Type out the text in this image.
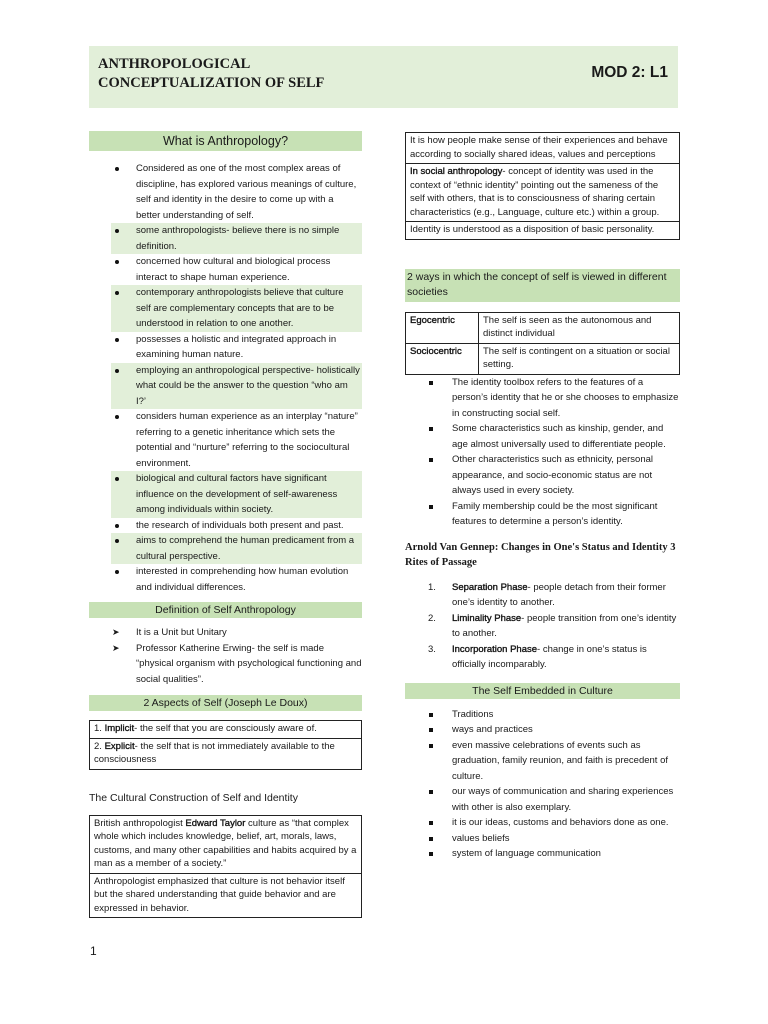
ANTHROPOLOGICAL CONCEPTUALIZATION OF SELF
MOD 2: L1
What is Anthropology?
Considered as one of the most complex areas of discipline, has explored various meanings of culture, self and identity in the desire to come up with a better understanding of self.
some anthropologists- believe there is no simple definition.
concerned how cultural and biological process interact to shape human experience.
contemporary anthropologists believe that culture self are complementary concepts that are to be understood in relation to one another.
possesses a holistic and integrated approach in examining human nature.
employing an anthropological perspective- holistically what could be the answer to the question “who am I?’
considers human experience as an interplay “nature” referring to a genetic inheritance which sets the potential and “nurture” referring to the sociocultural environment.
biological and cultural factors have significant influence on the development of self-awareness among individuals within society.
the research of individuals both present and past.
aims to comprehend the human predicament from a cultural perspective.
interested in comprehending how human evolution and individual differences.
Definition of Self Anthropology
➤ It is a Unit but Unitary
➤ Professor Katherine Erwing- the self is made “physical organism with psychological functioning and social qualities”.
2 Aspects of Self (Joseph Le Doux)
1. Implicit- the self that you are consciously aware of.
2. Explicit- the self that is not immediately available to the consciousness
The Cultural Construction of Self and Identity
British anthropologist Edward Taylor culture as “that complex whole which includes knowledge, belief, art, morals, laws, customs, and many other capabilities and habits acquired by a man as a member of a society.”
Anthropologist emphasized that culture is not behavior itself but the shared understanding that guide behavior and are expressed in behavior.
It is how people make sense of their experiences and behave according to socially shared ideas, values and perceptions
In social anthropology- concept of identity was used in the context of “ethnic identity” pointing out the sameness of the self with others, that is to consciousness of sharing certain characteristics (e.g., Language, culture etc.) within a group.
Identity is understood as a disposition of basic personality.
2 ways in which the concept of self is viewed in different societies
Egocentric	The self is seen as the autonomous and distinct individual
Sociocentric	The self is contingent on a situation or social setting.
The identity toolbox refers to the features of a person’s identity that he or she chooses to emphasize in constructing social self.
Some characteristics such as kinship, gender, and age almost universally used to differentiate people.
Other characteristics such as ethnicity, personal appearance, and socio-economic status are not always used in every society.
Family membership could be the most significant features to determine a person’s identity.
Arnold Van Gennep: Changes in One's Status and Identity 3 Rites of Passage
1. Separation Phase- people detach from their former one’s identity to another.
2. Liminality Phase- people transition from one’s identity to another.
3. Incorporation Phase- change in one’s status is officially incomparably.
The Self Embedded in Culture
Traditions
ways and practices
even massive celebrations of events such as graduation, family reunion, and faith is precedent of culture.
our ways of communication and sharing experiences with other is also exemplary.
it is our ideas, customs and behaviors done as one.
values beliefs
system of language communication
1
